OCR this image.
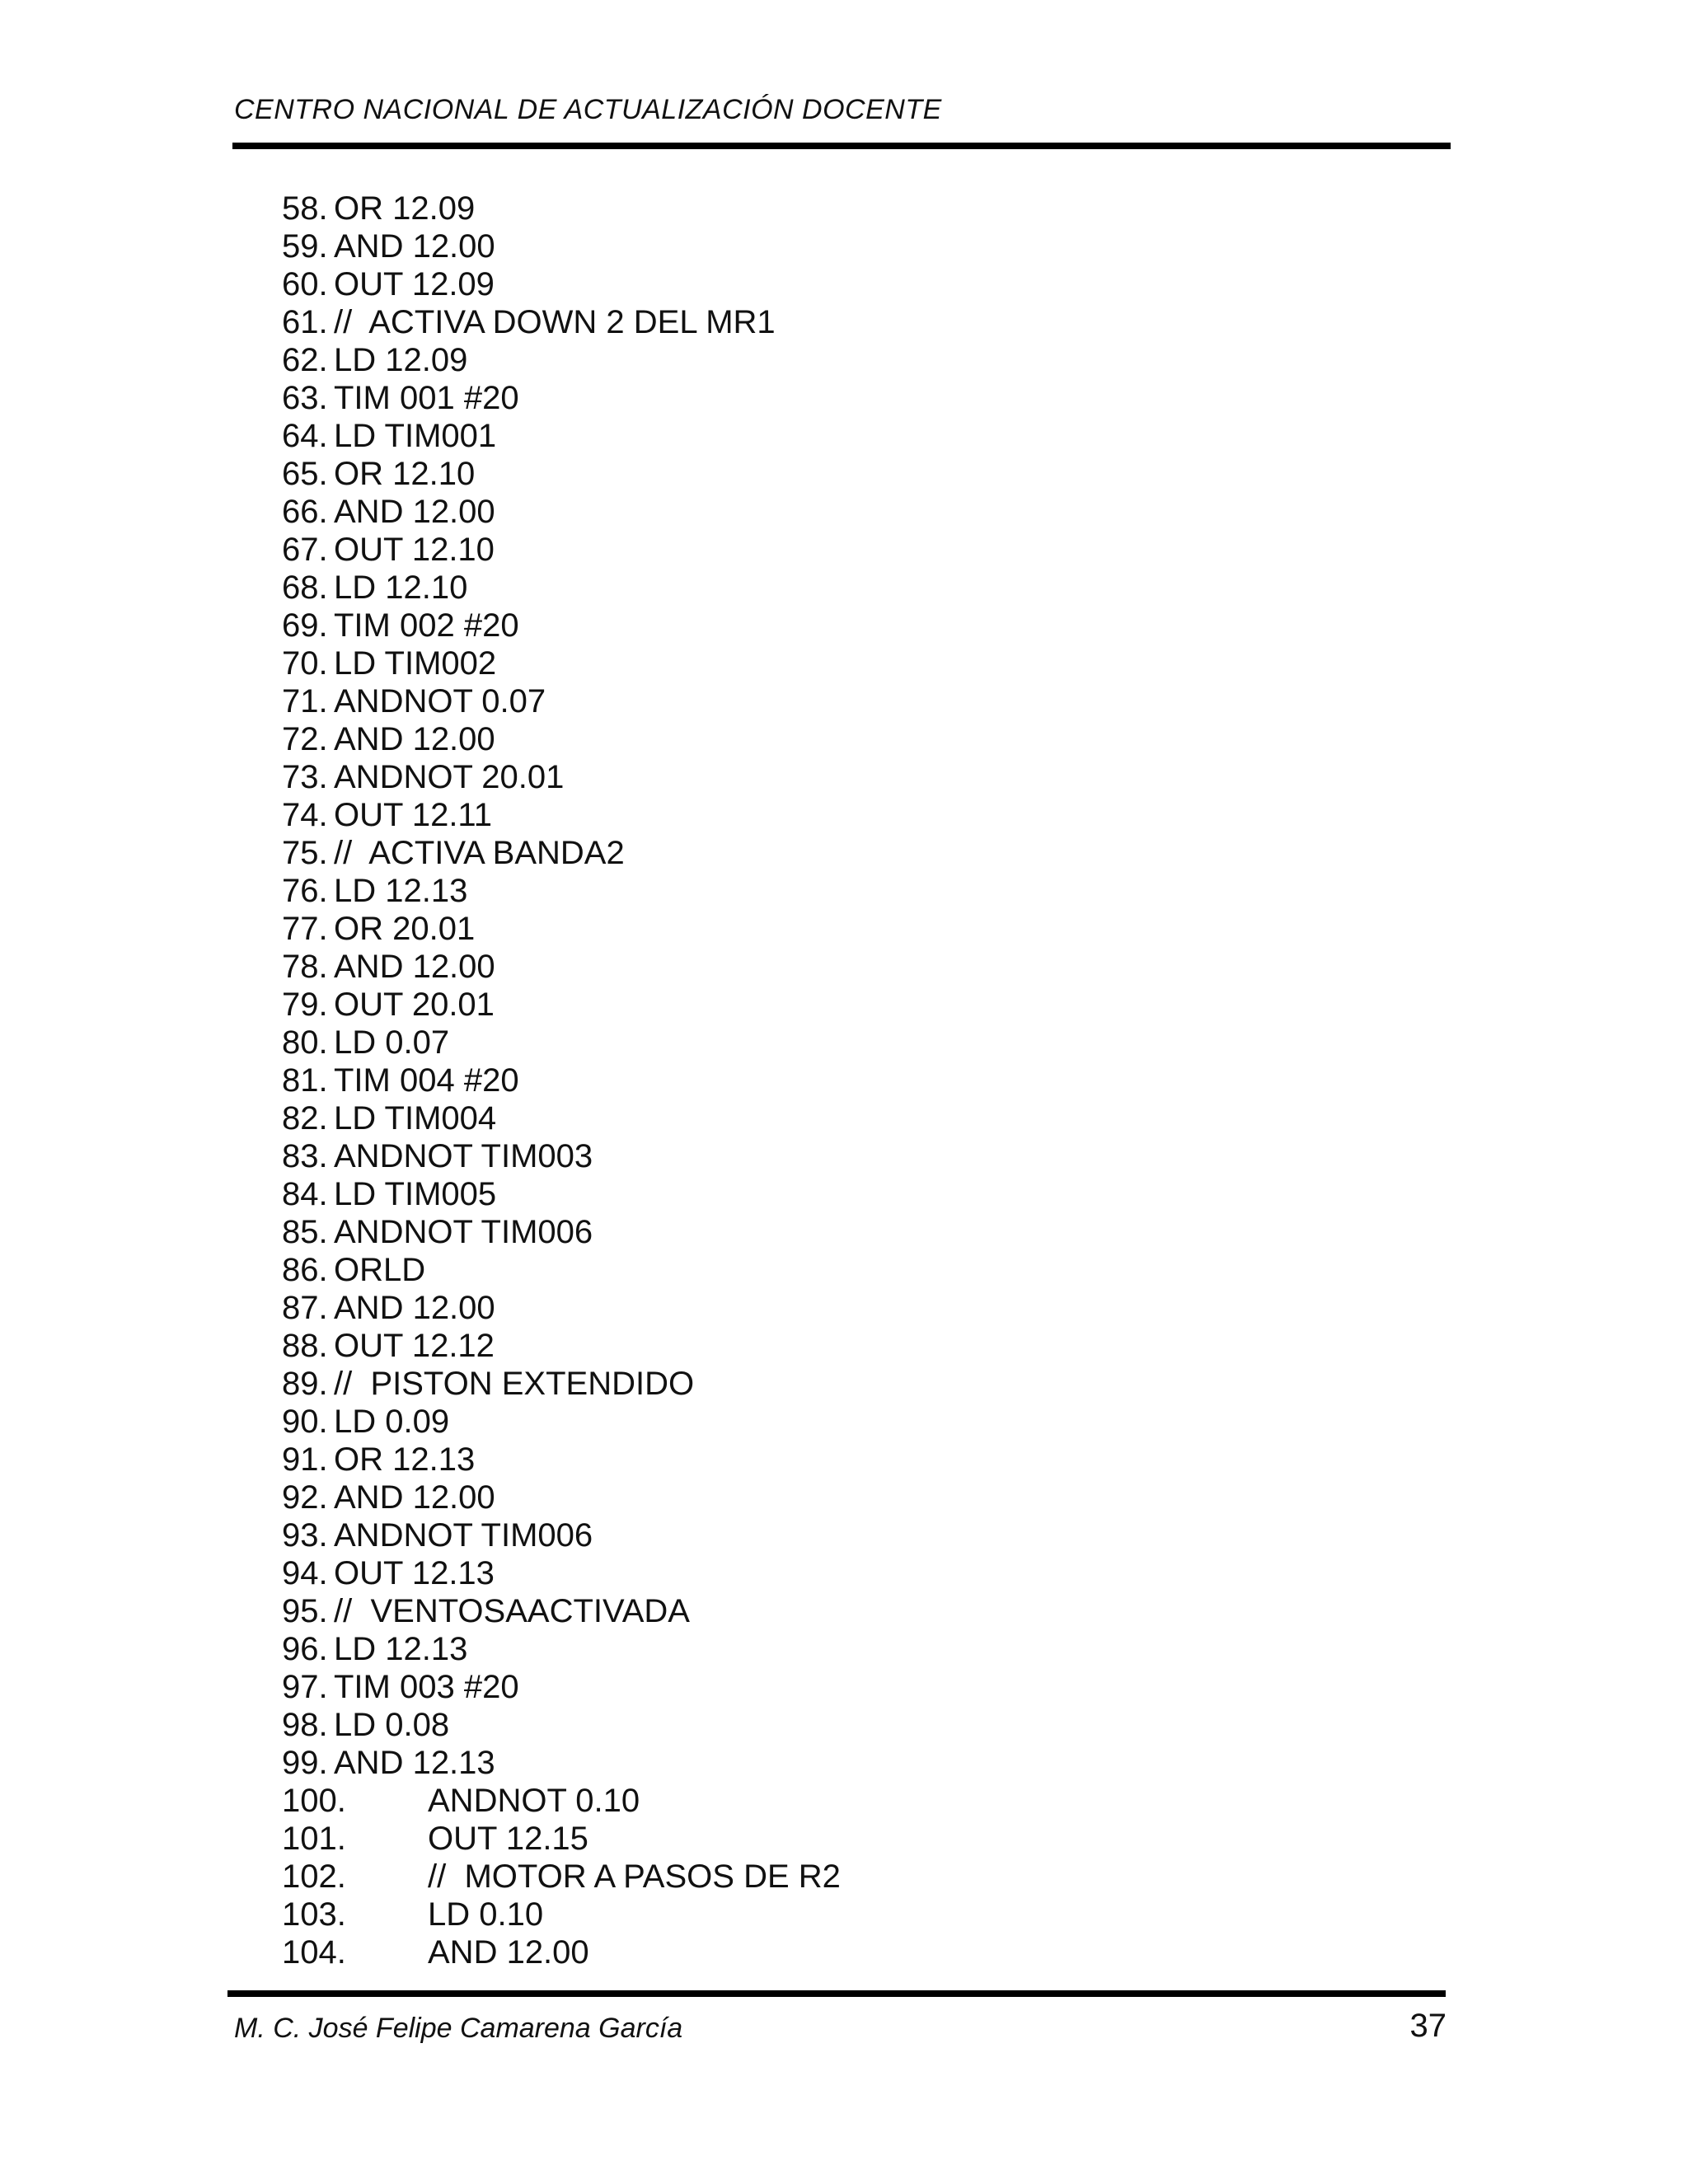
CENTRO NACIONAL DE ACTUALIZACIÓN DOCENTE
58. OR 12.09
59. AND 12.00
60. OUT 12.09
61. //  ACTIVA DOWN 2 DEL MR1
62. LD 12.09
63. TIM 001 #20
64. LD TIM001
65. OR 12.10
66. AND 12.00
67. OUT 12.10
68. LD 12.10
69. TIM 002 #20
70. LD TIM002
71. ANDNOT 0.07
72. AND 12.00
73. ANDNOT 20.01
74. OUT 12.11
75. //  ACTIVA BANDA2
76. LD 12.13
77. OR 20.01
78. AND 12.00
79. OUT 20.01
80. LD 0.07
81. TIM 004 #20
82. LD TIM004
83. ANDNOT TIM003
84. LD TIM005
85. ANDNOT TIM006
86. ORLD
87. AND 12.00
88. OUT 12.12
89. //  PISTON EXTENDIDO
90. LD 0.09
91. OR 12.13
92. AND 12.00
93. ANDNOT TIM006
94. OUT 12.13
95. //  VENTOSAACTIVADA
96. LD 12.13
97. TIM 003 #20
98. LD 0.08
99. AND 12.13
100. ANDNOT 0.10
101. OUT 12.15
102. //  MOTOR A PASOS DE R2
103. LD 0.10
104. AND 12.00
M. C. José Felipe Camarena García	37
